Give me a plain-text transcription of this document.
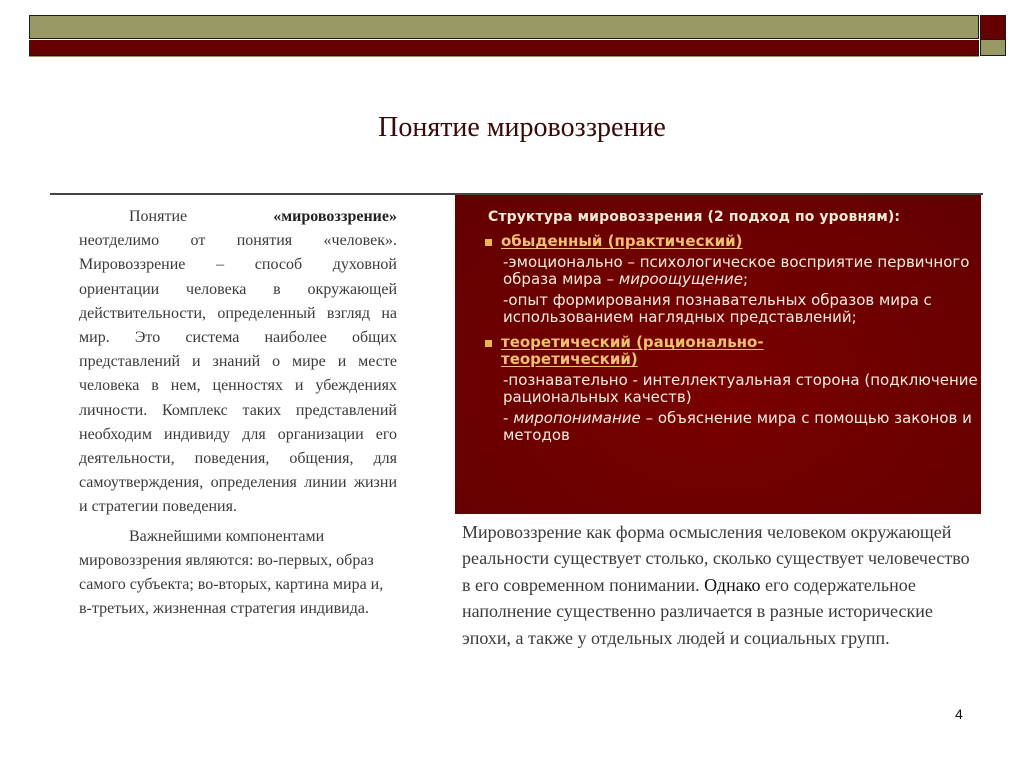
Понятие мировоззрение

Понятие	«мировоззрение» неотделимо от понятия «человек». Мировоззрение – способ духовной ориентации человека в окружающей действительности, определенный взгляд на мир. Это система наиболее общих представлений и знаний о мире и месте человека в нем, ценностях и убеждениях личности. Комплекс таких представлений необходим индивиду для организации его деятельности, поведения, общения, для самоутверждения, определения линии жизни и стратегии поведения.

Важнейшими компонентами мировоззрения являются: во-первых, образ самого субъекта; во-вторых, картина мира и, в-третьих, жизненная стратегия индивида.

Структура мировоззрения (2 подход по уровням):
обыденный (практический)
-эмоционально – психологическое восприятие первичного образа мира – мироощущение;
-опыт формирования познавательных образов мира с использованием наглядных представлений;
теоретический (рационально-теоретический)
-познавательно - интеллектуальная сторона (подключение рациональных качеств)
- миропонимание – объяснение мира с помощью законов и методов
Мировоззрение как форма осмысления человеком окружающей реальности существует столько, сколько существует человечество в его современном понимании. Однако его содержательное наполнение существенно различается в разные исторические эпохи, а также у отдельных людей и социальных групп.
4
